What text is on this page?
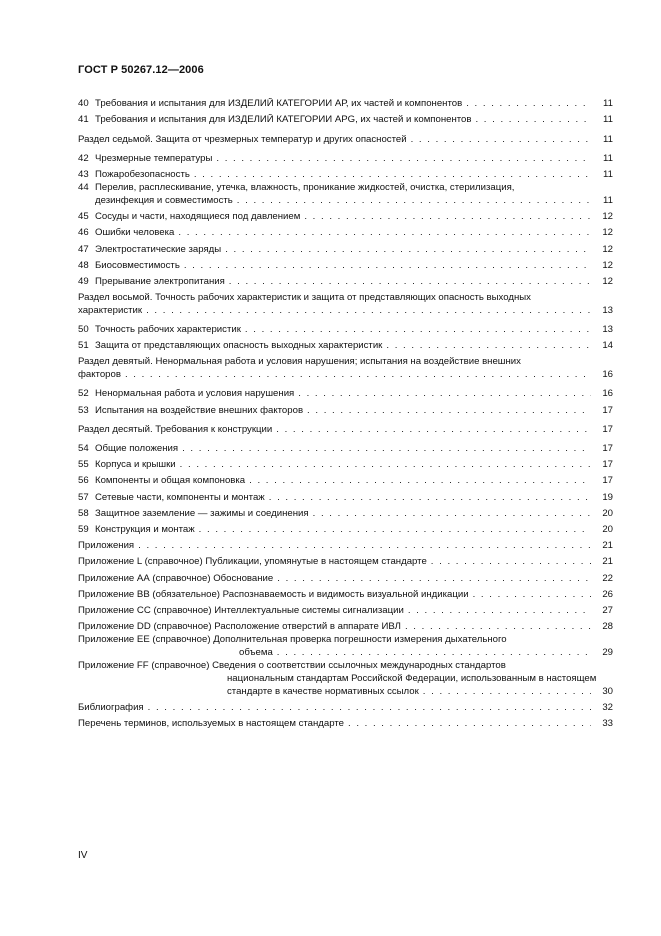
ГОСТ Р 50267.12—2006
40 Требования и испытания для ИЗДЕЛИЙ КАТЕГОРИИ АР, их частей и компонентов . . .	11
41 Требования и испытания для ИЗДЕЛИЙ КАТЕГОРИИ АРG, их частей и компонентов . . .	11
Раздел седьмой. Защита от чрезмерных температур и других опасностей . . .	11
42 Чрезмерные температуры . . .	11
43 Пожаробезопасность . . .	11
44 Перелив, расплескивание, утечка, влажность, проникание жидкостей, очистка, стерилизация,
дезинфекция и совместимость . . .	11
45 Сосуды и части, находящиеся под давлением . . .	12
46 Ошибки человека . . .	12
47 Электростатические заряды . . .	12
48 Биосовместимость . . .	12
49 Прерывание электропитания . . .	12
Раздел восьмой. Точность рабочих характеристик и защита от представляющих опасность выходных
характеристик . . .	13
50 Точность рабочих характеристик . . .	13
51 Защита от представляющих опасность выходных характеристик . . .	14
Раздел девятый. Ненормальная работа и условия нарушения; испытания на воздействие внешних
факторов . . .	16
52 Ненормальная работа и условия нарушения . . .	16
53 Испытания на воздействие внешних факторов . . .	17
Раздел десятый. Требования к конструкции . . .	17
54 Общие положения . . .	17
55 Корпуса и крышки . . .	17
56 Компоненты и общая компоновка . . .	17
57 Сетевые части, компоненты и монтаж . . .	19
58 Защитное заземление — зажимы и соединения . . .	20
59 Конструкция и монтаж . . .	20
Приложения . . .	21
Приложение L (справочное) Публикации, упомянутые в настоящем стандарте . . .	21
Приложение АА (справочное) Обоснование . . .	22
Приложение ВВ (обязательное) Распознаваемость и видимость визуальной индикации . . .	26
Приложение СС (справочное) Интеллектуальные системы сигнализации . . .	27
Приложение DD (справочное) Расположение отверстий в аппарате ИВЛ . . .	28
Приложение ЕЕ (справочное) Дополнительная проверка погрешности измерения дыхательного
объема . . .	29
Приложение FF (справочное) Сведения о соответствии ссылочных международных стандартов
национальным стандартам Российской Федерации, использованным в настоящем
стандарте в качестве нормативных ссылок . . .	30
Библиография . . .	32
Перечень терминов, используемых в настоящем стандарте . . .	33
IV
